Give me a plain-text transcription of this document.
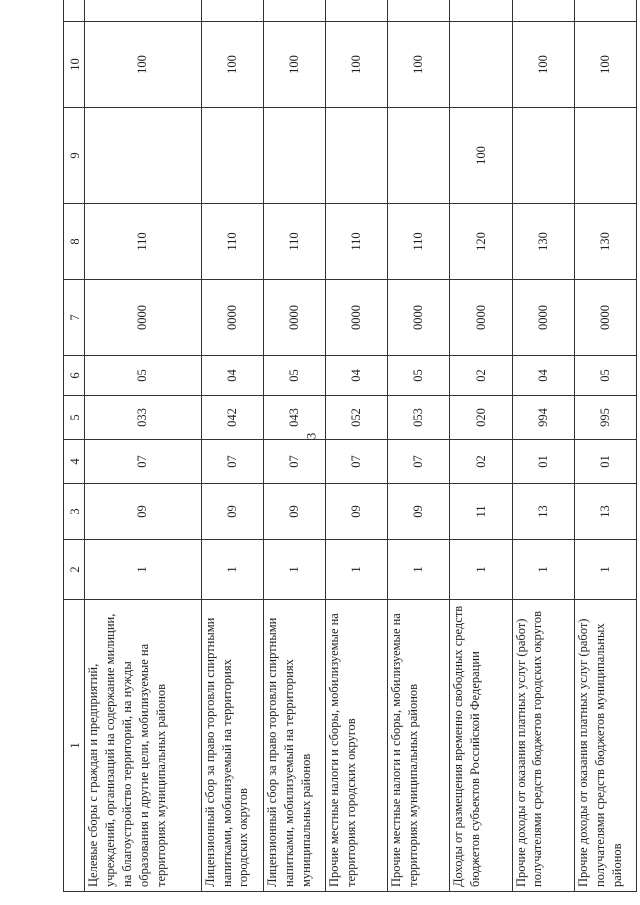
3
1	2	3	4	5	6	7	8	9	10	
Целевые сборы с граждан и предприятий, учреждений, организаций на содержание милиции, на благоустройство территорий, на нужды образования и другие цели, мобилизуемые на территориях муниципальных районов	1	09	07	033	05	0000	110		100	
Лицензионный сбор за право торговли спиртными напитками, мобилизуемый на территориях городских округов	1	09	07	042	04	0000	110		100	
Лицензионный сбор за право торговли спиртными напитками, мобилизуемый на территориях муниципальных районов	1	09	07	043	05	0000	110		100	
Прочие местные налоги и сборы, мобилизуемые на территориях городских округов	1	09	07	052	04	0000	110		100	
Прочие местные налоги и сборы, мобилизуемые на территориях муниципальных районов	1	09	07	053	05	0000	110		100	
Доходы от размещения временно свободных средств бюджетов субъектов Российской Федерации	1	11	02	020	02	0000	120	100		
Прочие доходы от оказания платных услуг (работ) получателями средств бюджетов городских округов	1	13	01	994	04	0000	130		100	
Прочие доходы от оказания платных услуг (работ) получателями средств бюджетов муниципальных районов	1	13	01	995	05	0000	130		100	
